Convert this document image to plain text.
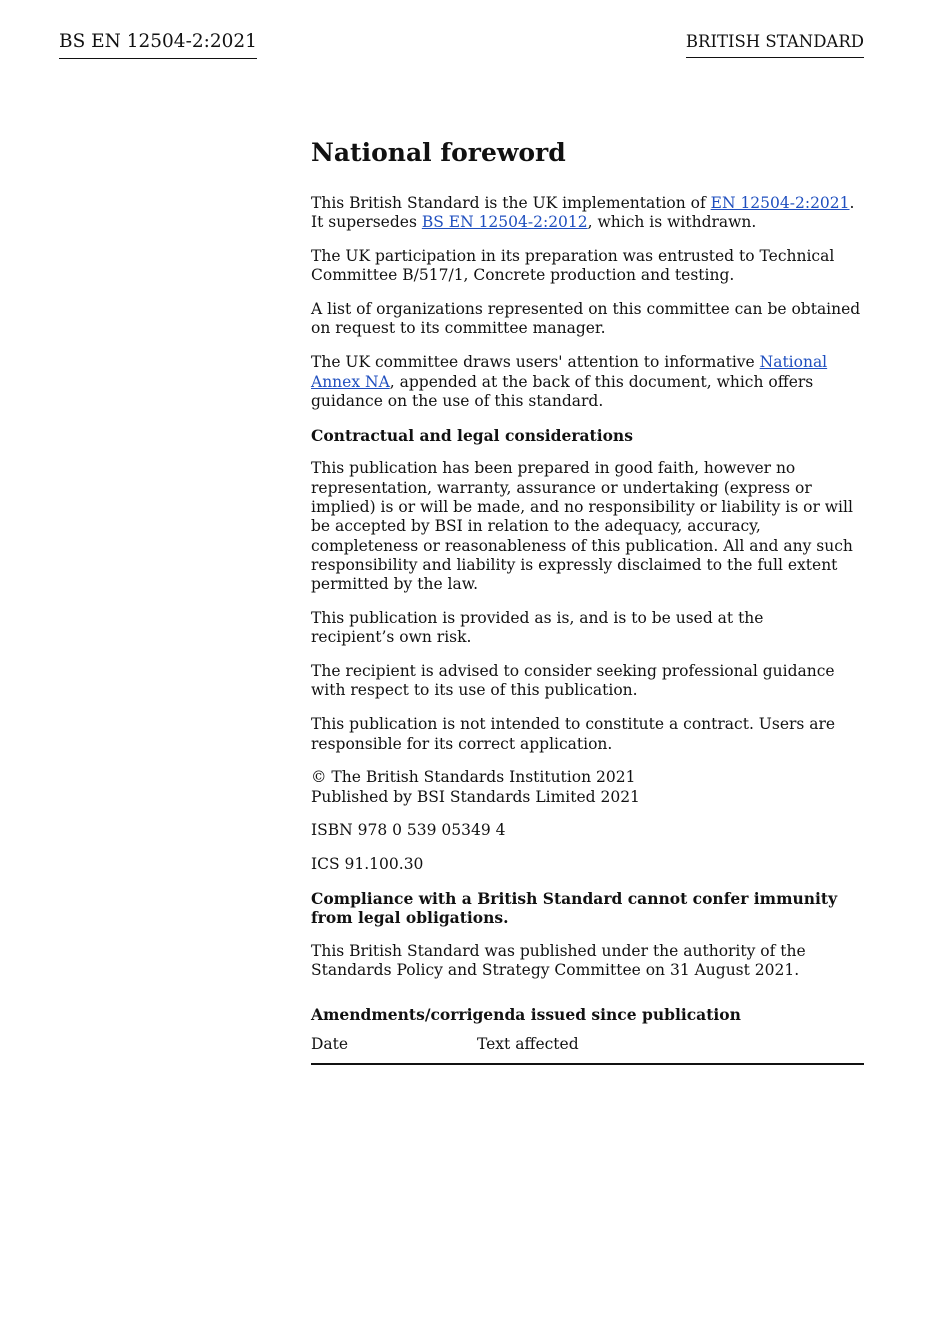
BS EN 12504-2:2021	BRITISH STANDARD
National foreword

This British Standard is the UK implementation of EN 12504-2:2021. It supersedes BS EN 12504-2:2012, which is withdrawn.

The UK participation in its preparation was entrusted to Technical Committee B/517/1, Concrete production and testing.

A list of organizations represented on this committee can be obtained on request to its committee manager.

The UK committee draws users' attention to informative National Annex NA, appended at the back of this document, which offers guidance on the use of this standard.

Contractual and legal considerations

This publication has been prepared in good faith, however no representation, warranty, assurance or undertaking (express or implied) is or will be made, and no responsibility or liability is or will be accepted by BSI in relation to the adequacy, accuracy, completeness or reasonableness of this publication. All and any such responsibility and liability is expressly disclaimed to the full extent permitted by the law.

This publication is provided as is, and is to be used at the
recipient’s own risk.

The recipient is advised to consider seeking professional guidance with respect to its use of this publication.

This publication is not intended to constitute a contract. Users are responsible for its correct application.

© The British Standards Institution 2021
Published by BSI Standards Limited 2021

ISBN 978 0 539 05349 4

ICS 91.100.30

Compliance with a British Standard cannot confer immunity from legal obligations.

This British Standard was published under the authority of the Standards Policy and Strategy Committee on 31 August 2021.

Amendments/corrigenda issued since publication
Date	Text affected
